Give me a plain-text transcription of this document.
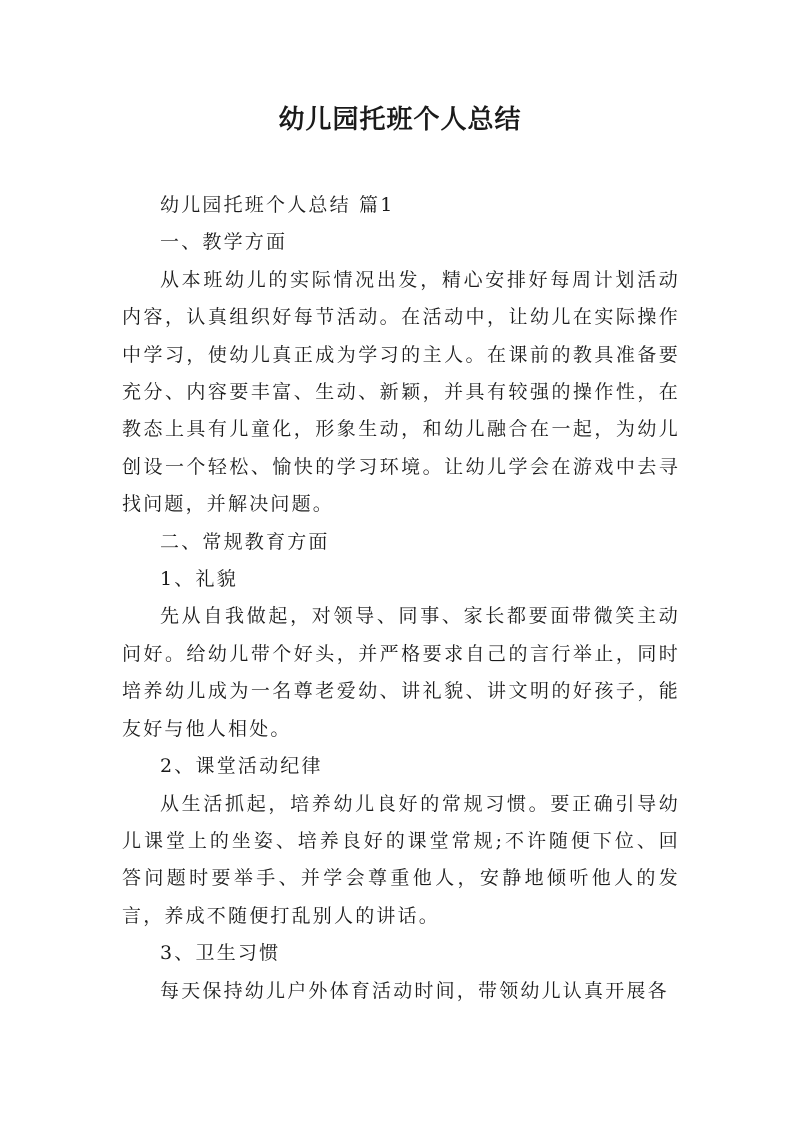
幼儿园托班个人总结

幼儿园托班个人总结 篇1

一、教学方面

从本班幼儿的实际情况出发，精心安排好每周计划活动内容，认真组织好每节活动。在活动中，让幼儿在实际操作中学习，使幼儿真正成为学习的主人。在课前的教具准备要充分、内容要丰富、生动、新颖，并具有较强的操作性，在教态上具有儿童化，形象生动，和幼儿融合在一起，为幼儿创设一个轻松、愉快的学习环境。让幼儿学会在游戏中去寻找问题，并解决问题。

二、常规教育方面

1、礼貌

先从自我做起，对领导、同事、家长都要面带微笑主动问好。给幼儿带个好头，并严格要求自己的言行举止，同时培养幼儿成为一名尊老爱幼、讲礼貌、讲文明的好孩子，能友好与他人相处。

2、课堂活动纪律

从生活抓起，培养幼儿良好的常规习惯。要正确引导幼儿课堂上的坐姿、培养良好的课堂常规;不许随便下位、回答问题时要举手、并学会尊重他人，安静地倾听他人的发言，养成不随便打乱别人的讲话。

3、卫生习惯

每天保持幼儿户外体育活动时间，带领幼儿认真开展各
